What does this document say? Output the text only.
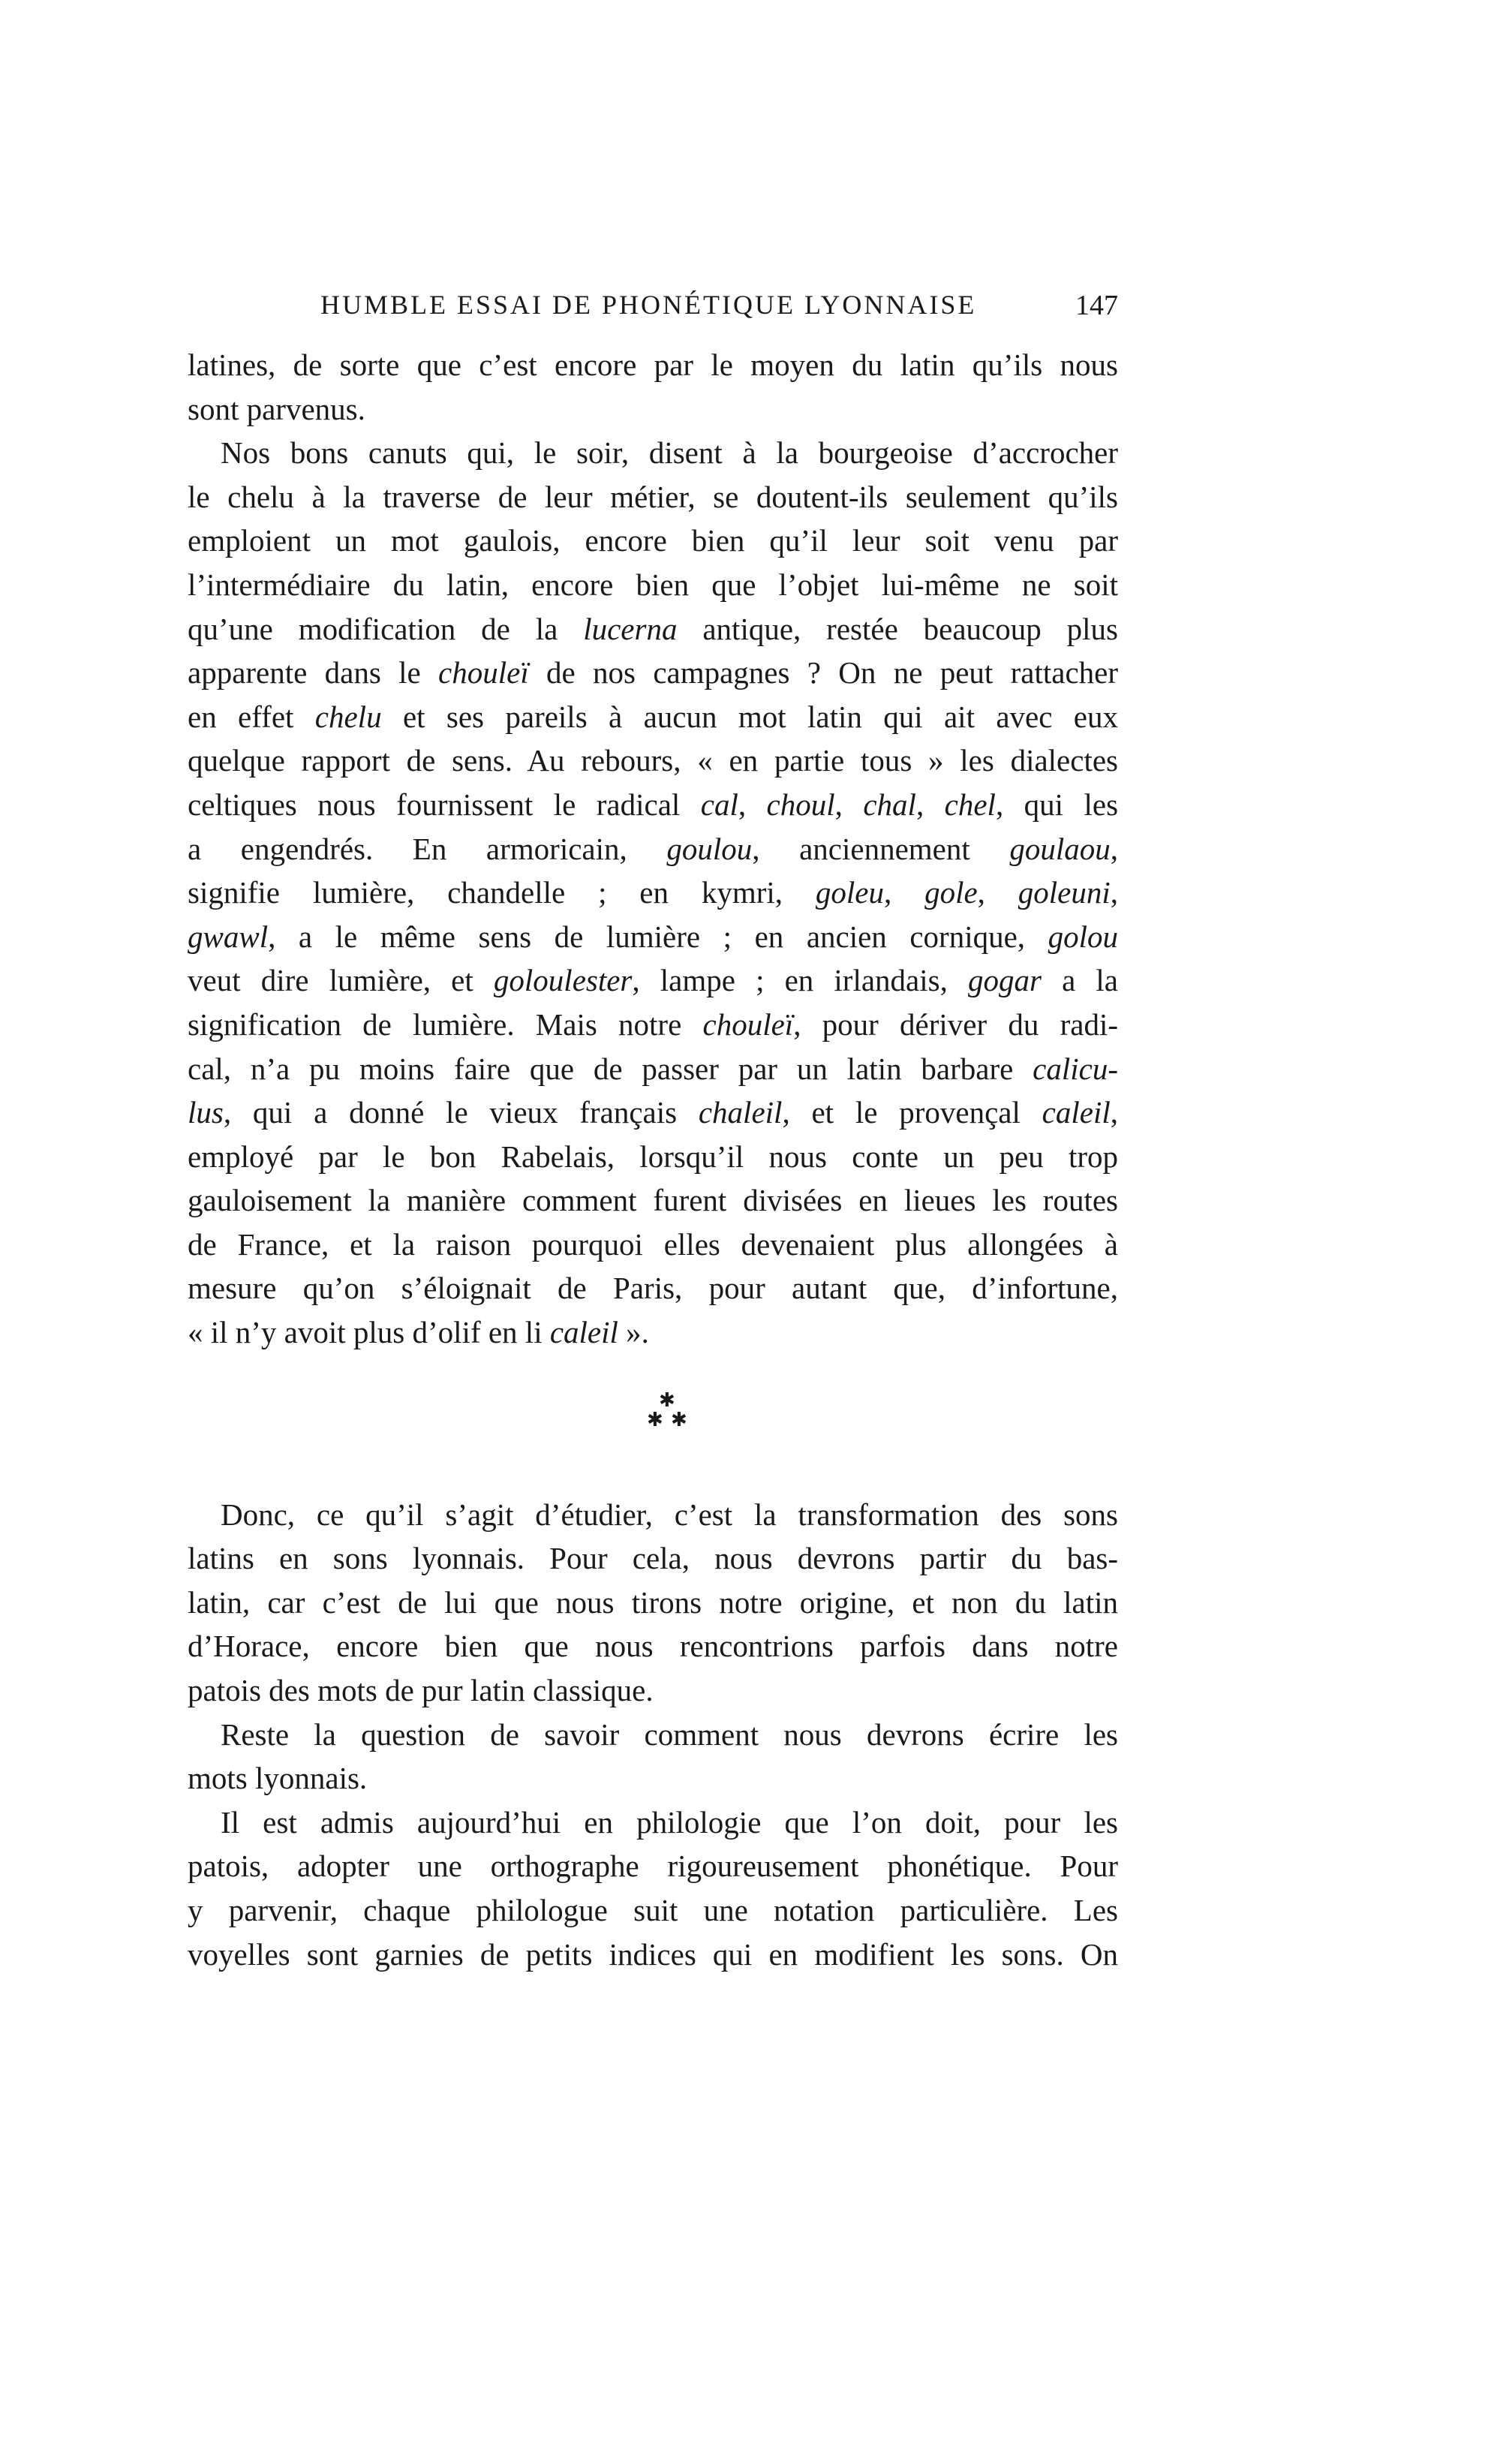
HUMBLE ESSAI DE PHONÉTIQUE LYONNAISE	147
latines, de sorte que c’est encore par le moyen du latin qu’ils nous
sont parvenus.
Nos bons canuts qui, le soir, disent à la bourgeoise d’accrocher
le chelu à la traverse de leur métier, se doutent-ils seulement qu’ils
emploient un mot gaulois, encore bien qu’il leur soit venu par
l’intermédiaire du latin, encore bien que l’objet lui-même ne soit
qu’une modification de la lucerna antique, restée beaucoup plus
apparente dans le chouleï de nos campagnes ? On ne peut rattacher
en effet chelu et ses pareils à aucun mot latin qui ait avec eux
quelque rapport de sens. Au rebours, « en partie tous » les dialectes
celtiques nous fournissent le radical cal, choul, chal, chel, qui les
a engendrés. En armoricain, goulou, anciennement goulaou,
signifie lumière, chandelle ; en kymri, goleu, gole, goleuni,
gwawl, a le même sens de lumière ; en ancien cornique, golou
veut dire lumière, et goloulester, lampe ; en irlandais, gogar a la
signification de lumière. Mais notre chouleï, pour dériver du radi-
cal, n’a pu moins faire que de passer par un latin barbare calicu-
lus, qui a donné le vieux français chaleil, et le provençal caleil,
employé par le bon Rabelais, lorsqu’il nous conte un peu trop
gauloisement la manière comment furent divisées en lieues les routes
de France, et la raison pourquoi elles devenaient plus allongées à
mesure qu’on s’éloignait de Paris, pour autant que, d’infortune,
« il n’y avoit plus d’olif en li caleil ».
✱
✱ ✱
Donc, ce qu’il s’agit d’étudier, c’est la transformation des sons
latins en sons lyonnais. Pour cela, nous devrons partir du bas-
latin, car c’est de lui que nous tirons notre origine, et non du latin
d’Horace, encore bien que nous rencontrions parfois dans notre
patois des mots de pur latin classique.
Reste la question de savoir comment nous devrons écrire les
mots lyonnais.
Il est admis aujourd’hui en philologie que l’on doit, pour les
patois, adopter une orthographe rigoureusement phonétique. Pour
y parvenir, chaque philologue suit une notation particulière. Les
voyelles sont garnies de petits indices qui en modifient les sons. On
